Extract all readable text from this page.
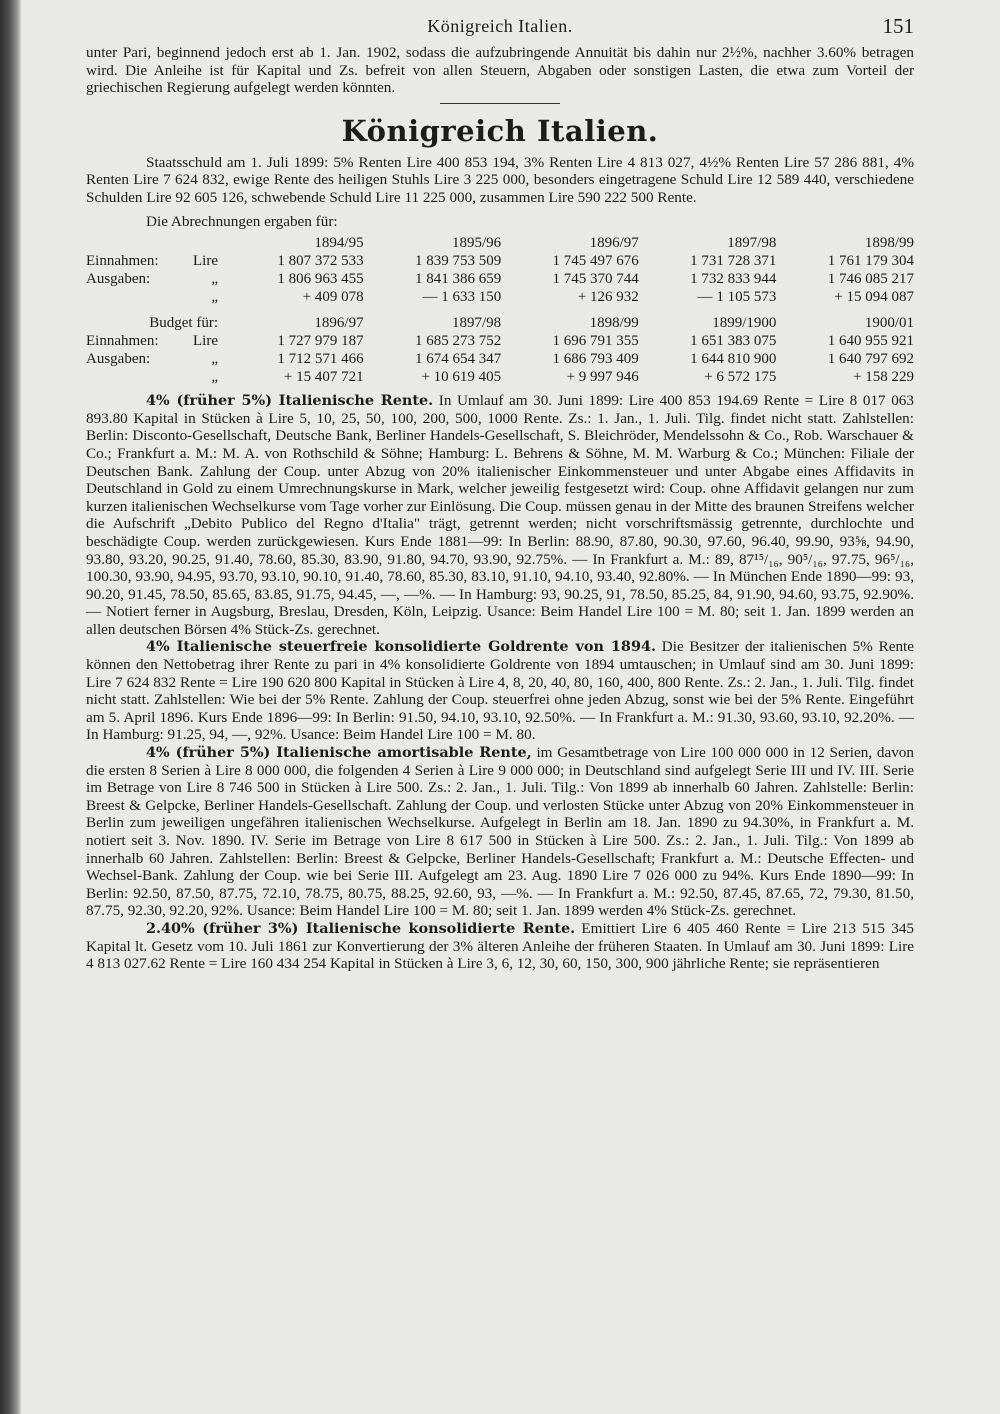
Königreich Italien.	151

unter Pari, beginnend jedoch erst ab 1. Jan. 1902, sodass die aufzubringende Annuität bis dahin nur 2½%, nachher 3.60% betragen wird. Die Anleihe ist für Kapital und Zs. befreit von allen Steuern, Abgaben oder sonstigen Lasten, die etwa zum Vorteil der griechischen Regierung aufgelegt werden könnten.

Königreich Italien.

Staatsschuld am 1. Juli 1899: 5% Renten Lire 400 853 194, 3% Renten Lire 4 813 027, 4½% Renten Lire 57 286 881, 4% Renten Lire 7 624 832, ewige Rente des heiligen Stuhls Lire 3 225 000, besonders eingetragene Schuld Lire 12 589 440, verschiedene Schulden Lire 92 605 126, schwebende Schuld Lire 11 225 000, zusammen Lire 590 222 500 Rente.

Die Abrechnungen ergaben für:

		1894/95	1895/96	1896/97	1897/98	1898/99
Einnahmen:	Lire	1 807 372 533	1 839 753 509	1 745 497 676	1 731 728 371	1 761 179 304
Ausgaben:	„	1 806 963 455	1 841 386 659	1 745 370 744	1 732 833 944	1 746 085 217
	„	+ 409 078	— 1 633 150	+ 126 932	— 1 105 573	+ 15 094 087

Budget für:		1896/97	1897/98	1898/99	1899/1900	1900/01
Einnahmen:	Lire	1 727 979 187	1 685 273 752	1 696 791 355	1 651 383 075	1 640 955 921
Ausgaben:	„	1 712 571 466	1 674 654 347	1 686 793 409	1 644 810 900	1 640 797 692
	„	+ 15 407 721	+ 10 619 405	+ 9 997 946	+ 6 572 175	+ 158 229

4% (früher 5%) Italienische Rente. In Umlauf am 30. Juni 1899: Lire 400 853 194.69 Rente = Lire 8 017 063 893.80 Kapital in Stücken à Lire 5, 10, 25, 50, 100, 200, 500, 1000 Rente. Zs.: 1. Jan., 1. Juli. Tilg. findet nicht statt. Zahlstellen: Berlin: Disconto-Gesellschaft, Deutsche Bank, Berliner Handels-Gesellschaft, S. Bleichröder, Mendelssohn & Co., Rob. Warschauer & Co.; Frankfurt a. M.: M. A. von Rothschild & Söhne; Hamburg: L. Behrens & Söhne, M. M. Warburg & Co.; München: Filiale der Deutschen Bank. Zahlung der Coup. unter Abzug von 20% italienischer Einkommensteuer und unter Abgabe eines Affidavits in Deutschland in Gold zu einem Umrechnungskurse in Mark, welcher jeweilig festgesetzt wird: Coup. ohne Affidavit gelangen nur zum kurzen italienischen Wechselkurse vom Tage vorher zur Einlösung. Die Coup. müssen genau in der Mitte des braunen Streifens welcher die Aufschrift „Debito Publico del Regno d'Italia" trägt, getrennt werden; nicht vorschriftsmässig getrennte, durchlochte und beschädigte Coup. werden zurückgewiesen. Kurs Ende 1881—99: In Berlin: 88.90, 87.80, 90.30, 97.60, 96.40, 99.90, 93⅝, 94.90, 93.80, 93.20, 90.25, 91.40, 78.60, 85.30, 83.90, 91.80, 94.70, 93.90, 92.75%. — In Frankfurt a. M.: 89, 87¹⁵/₁₆, 90⁵/₁₆, 97.75, 96⁵/₁₆, 100.30, 93.90, 94.95, 93.70, 93.10, 90.10, 91.40, 78.60, 85.30, 83.10, 91.10, 94.10, 93.40, 92.80%. — In München Ende 1890—99: 93, 90.20, 91.45, 78.50, 85.65, 83.85, 91.75, 94.45, —, —%. — In Hamburg: 93, 90.25, 91, 78.50, 85.25, 84, 91.90, 94.60, 93.75, 92.90%. — Notiert ferner in Augsburg, Breslau, Dresden, Köln, Leipzig. Usance: Beim Handel Lire 100 = M. 80; seit 1. Jan. 1899 werden an allen deutschen Börsen 4% Stück-Zs. gerechnet.

4% Italienische steuerfreie konsolidierte Goldrente von 1894. Die Besitzer der italienischen 5% Rente können den Nettobetrag ihrer Rente zu pari in 4% konsolidierte Goldrente von 1894 umtauschen; in Umlauf sind am 30. Juni 1899: Lire 7 624 832 Rente = Lire 190 620 800 Kapital in Stücken à Lire 4, 8, 20, 40, 80, 160, 400, 800 Rente. Zs.: 2. Jan., 1. Juli. Tilg. findet nicht statt. Zahlstellen: Wie bei der 5% Rente. Zahlung der Coup. steuerfrei ohne jeden Abzug, sonst wie bei der 5% Rente. Eingeführt am 5. April 1896. Kurs Ende 1896—99: In Berlin: 91.50, 94.10, 93.10, 92.50%. — In Frankfurt a. M.: 91.30, 93.60, 93.10, 92.20%. — In Hamburg: 91.25, 94, —, 92%. Usance: Beim Handel Lire 100 = M. 80.

4% (früher 5%) Italienische amortisable Rente, im Gesamtbetrage von Lire 100 000 000 in 12 Serien, davon die ersten 8 Serien à Lire 8 000 000, die folgenden 4 Serien à Lire 9 000 000; in Deutschland sind aufgelegt Serie III und IV. III. Serie im Betrage von Lire 8 746 500 in Stücken à Lire 500. Zs.: 2. Jan., 1. Juli. Tilg.: Von 1899 ab innerhalb 60 Jahren. Zahlstelle: Berlin: Breest & Gelpcke, Berliner Handels-Gesellschaft. Zahlung der Coup. und verlosten Stücke unter Abzug von 20% Einkommensteuer in Berlin zum jeweiligen ungefähren italienischen Wechselkurse. Aufgelegt in Berlin am 18. Jan. 1890 zu 94.30%, in Frankfurt a. M. notiert seit 3. Nov. 1890. IV. Serie im Betrage von Lire 8 617 500 in Stücken à Lire 500. Zs.: 2. Jan., 1. Juli. Tilg.: Von 1899 ab innerhalb 60 Jahren. Zahlstellen: Berlin: Breest & Gelpcke, Berliner Handels-Gesellschaft; Frankfurt a. M.: Deutsche Effecten- und Wechsel-Bank. Zahlung der Coup. wie bei Serie III. Aufgelegt am 23. Aug. 1890 Lire 7 026 000 zu 94%. Kurs Ende 1890—99: In Berlin: 92.50, 87.50, 87.75, 72.10, 78.75, 80.75, 88.25, 92.60, 93, —%. — In Frankfurt a. M.: 92.50, 87.45, 87.65, 72, 79.30, 81.50, 87.75, 92.30, 92.20, 92%. Usance: Beim Handel Lire 100 = M. 80; seit 1. Jan. 1899 werden 4% Stück-Zs. gerechnet.

2.40% (früher 3%) Italienische konsolidierte Rente. Emittiert Lire 6 405 460 Rente = Lire 213 515 345 Kapital lt. Gesetz vom 10. Juli 1861 zur Konvertierung der 3% älteren Anleihe der früheren Staaten. In Umlauf am 30. Juni 1899: Lire 4 813 027.62 Rente = Lire 160 434 254 Kapital in Stücken à Lire 3, 6, 12, 30, 60, 150, 300, 900 jährliche Rente; sie repräsentieren
